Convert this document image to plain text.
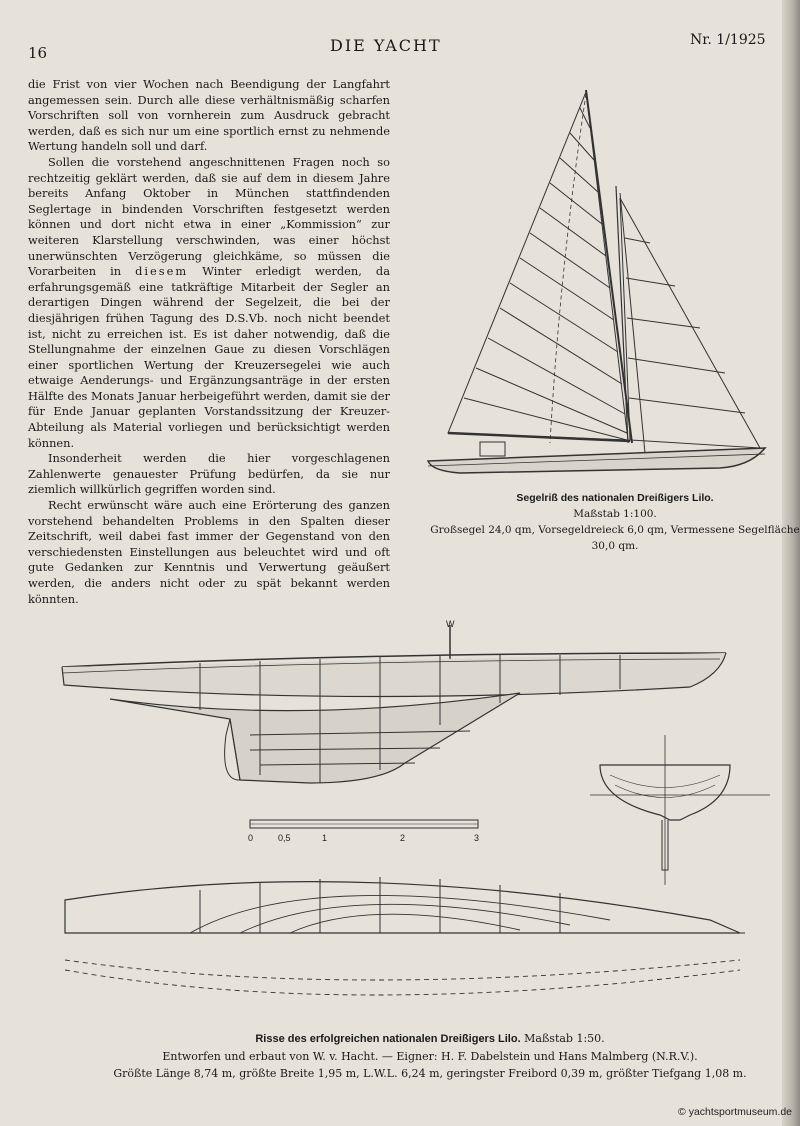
16	DIE YACHT	Nr. 1/1925

die Frist von vier Wochen nach Beendigung der Langfahrt angemessen sein. Durch alle diese verhältnismäßig scharfen Vorschriften soll von vornherein zum Ausdruck gebracht werden, daß es sich nur um eine sportlich ernst zu nehmende Wertung handeln soll und darf.

Sollen die vorstehend angeschnittenen Fragen noch so rechtzeitig geklärt werden, daß sie auf dem in diesem Jahre bereits Anfang Oktober in München stattfindenden Seglertage in bindenden Vorschriften festgesetzt werden können und dort nicht etwa in einer „Kommission“ zur weiteren Klarstellung verschwinden, was einer höchst unerwünschten Verzögerung gleichkäme, so müssen die Vorarbeiten in diesem Winter erledigt werden, da erfahrungsgemäß eine tatkräftige Mitarbeit der Segler an derartigen Dingen während der Segelzeit, die bei der diesjährigen frühen Tagung des D.S.Vb. noch nicht beendet ist, nicht zu erreichen ist. Es ist daher notwendig, daß die Stellungnahme der einzelnen Gaue zu diesen Vorschlägen einer sportlichen Wertung der Kreuzersegelei wie auch etwaige Aenderungs- und Ergänzungsanträge in der ersten Hälfte des Monats Januar herbeigeführt werden, damit sie der für Ende Januar geplanten Vorstandssitzung der Kreuzer-Abteilung als Material vorliegen und berücksichtigt werden können.

Insonderheit werden die hier vorgeschlagenen Zahlenwerte genauester Prüfung bedürfen, da sie nur ziemlich willkürlich gegriffen worden sind.

Recht erwünscht wäre auch eine Erörterung des ganzen vorstehend behandelten Problems in den Spalten dieser Zeitschrift, weil dabei fast immer der Gegenstand von den verschiedensten Einstellungen aus beleuchtet wird und oft gute Gedanken zur Kenntnis und Verwertung geäußert werden, die anders nicht oder zu spät bekannt werden könnten.

Segelriß des nationalen Dreißigers Lilo.
Maßstab 1:100.
Großsegel 24,0 qm, Vorsegeldreieck 6,0 qm, Vermessene Segelfläche 30,0 qm.
0	0,5	1	2	3
W
Risse des erfolgreichen nationalen Dreißigers Lilo. Maßstab 1:50.
Entworfen und erbaut von W. v. Hacht. — Eigner: H. F. Dabelstein und Hans Malmberg (N.R.V.).
Größte Länge 8,74 m, größte Breite 1,95 m, L.W.L. 6,24 m, geringster Freibord 0,39 m, größter Tiefgang 1,08 m.
© yachtsportmuseum.de
